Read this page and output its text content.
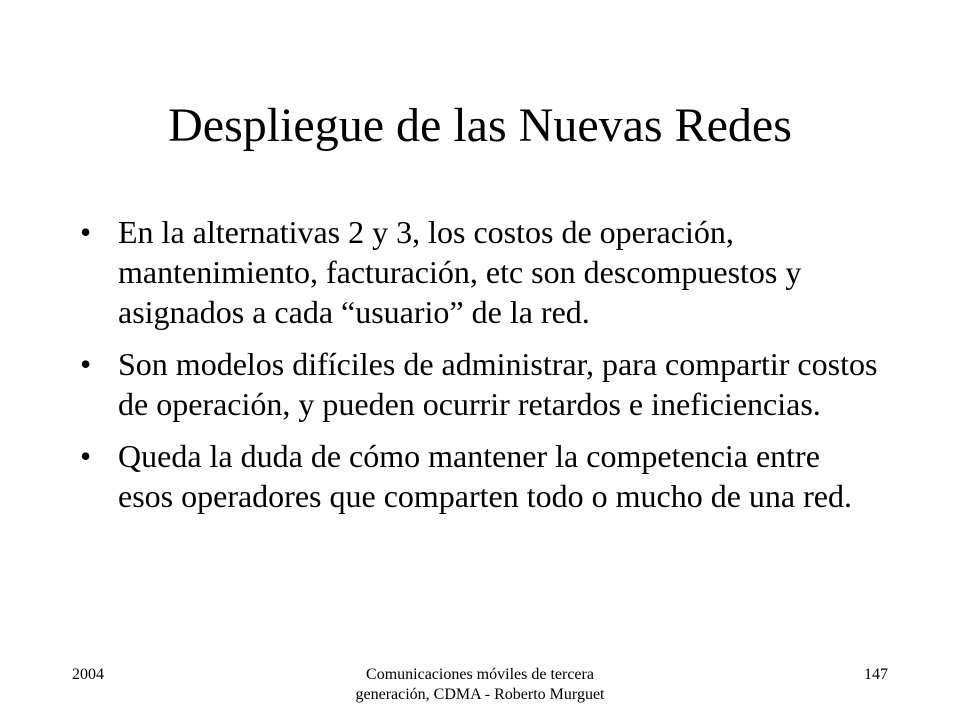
Despliegue de las Nuevas Redes
• En la alternativas 2 y 3, los costos de operación, mantenimiento, facturación, etc son descompuestos y asignados a cada “usuario” de la red.
• Son modelos difíciles de administrar, para compartir costos de operación, y pueden ocurrir retardos e ineficiencias.
• Queda la duda de cómo mantener la competencia entre esos operadores que comparten todo o mucho de una red.
2004	Comunicaciones móviles de tercera generación, CDMA - Roberto Murguet
147
